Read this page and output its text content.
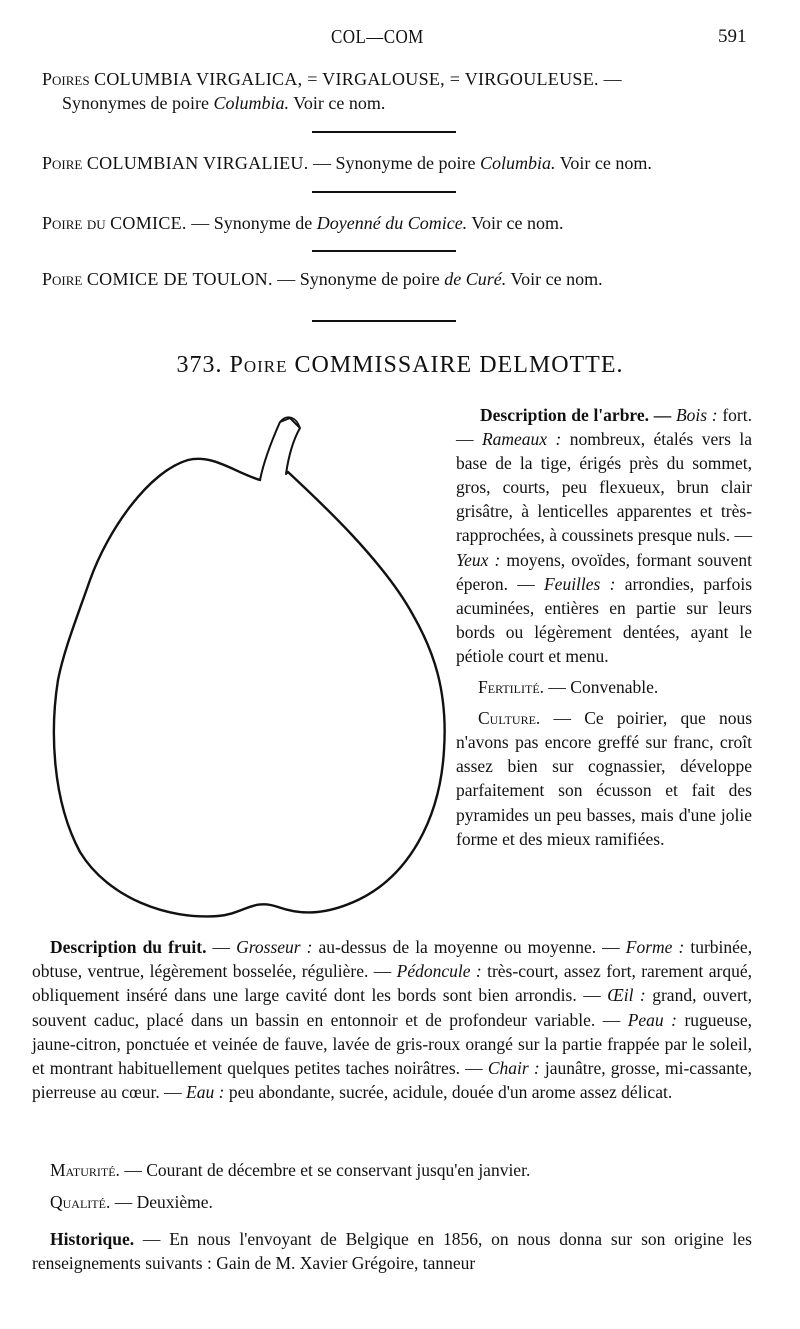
COL—COM	591
Poires COLUMBIA VIRGALICA, = VIRGALOUSE, = VIRGOULEUSE. —
Synonymes de poire Columbia. Voir ce nom.
Poire COLUMBIAN VIRGALIEU. — Synonyme de poire Columbia. Voir ce nom.
Poire du COMICE. — Synonyme de Doyenné du Comice. Voir ce nom.
Poire COMICE DE TOULON. — Synonyme de poire de Curé. Voir ce nom.
373. Poire COMMISSAIRE DELMOTTE.

Description de l'arbre. — Bois : fort. — Rameaux : nombreux, étalés vers la base de la tige, érigés près du sommet, gros, courts, peu flexueux, brun clair grisâtre, à lenticelles apparentes et très-rapprochées, à coussinets presque nuls. — Yeux : moyens, ovoïdes, formant souvent éperon. — Feuilles : arrondies, parfois acuminées, entières en partie sur leurs bords ou légèrement dentées, ayant le pétiole court et menu.

Fertilité. — Convenable.

Culture. — Ce poirier, que nous n'avons pas encore greffé sur franc, croît assez bien sur cognassier, développe parfaitement son écusson et fait des pyramides un peu basses, mais d'une jolie forme et des mieux ramifiées.

Description du fruit. — Grosseur : au-dessus de la moyenne ou moyenne. — Forme : turbinée, obtuse, ventrue, légèrement bosselée, régulière. — Pédoncule : très-court, assez fort, rarement arqué, obliquement inséré dans une large cavité dont les bords sont bien arrondis. — Œil : grand, ouvert, souvent caduc, placé dans un bassin en entonnoir et de profondeur variable. — Peau : rugueuse, jaune-citron, ponctuée et veinée de fauve, lavée de gris-roux orangé sur la partie frappée par le soleil, et montrant habituellement quelques petites taches noirâtres. — Chair : jaunâtre, grosse, mi-cassante, pierreuse au cœur. — Eau : peu abondante, sucrée, acidule, douée d'un arome assez délicat.

Maturité. — Courant de décembre et se conservant jusqu'en janvier.

Qualité. — Deuxième.

Historique. — En nous l'envoyant de Belgique en 1856, on nous donna sur son origine les renseignements suivants : Gain de M. Xavier Grégoire, tanneur
